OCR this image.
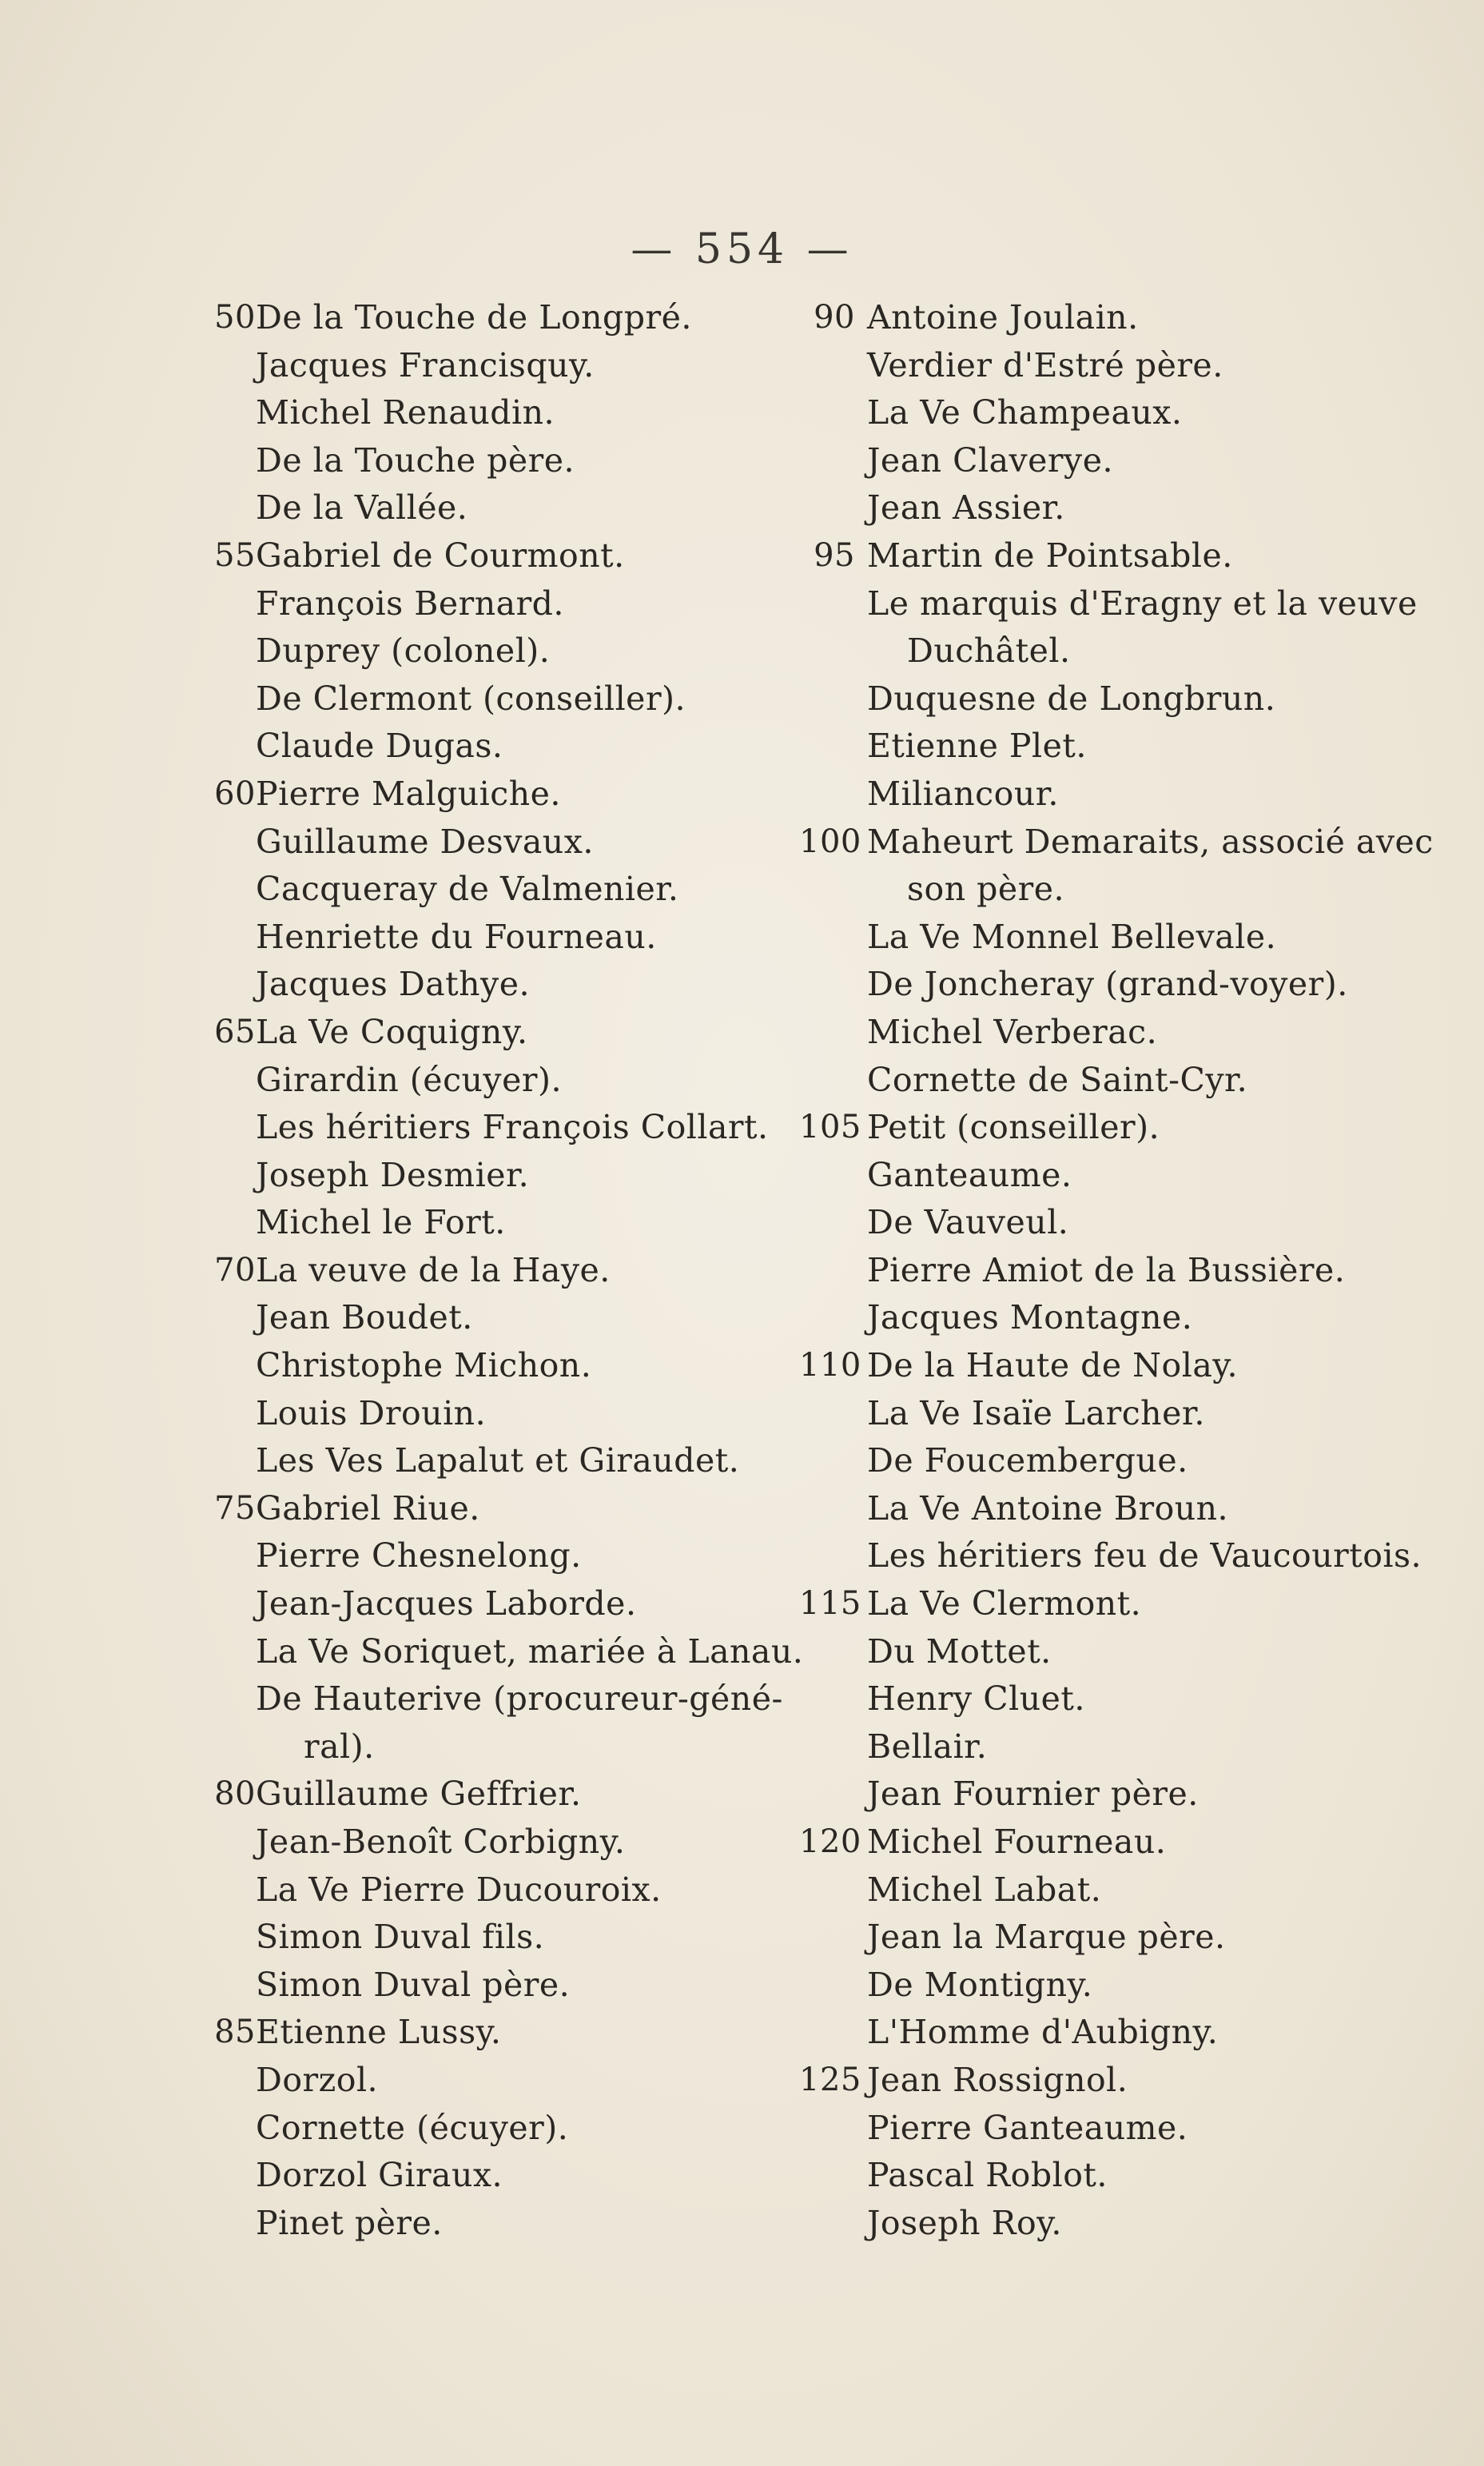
— 554 —
50 De la Touche de Longpré.
Jacques Francisquy.
Michel Renaudin.
De la Touche père.
De la Vallée.
55 Gabriel de Courmont.
François Bernard.
Duprey (colonel).
De Clermont (conseiller).
Claude Dugas.
60 Pierre Malguiche.
Guillaume Desvaux.
Cacqueray de Valmenier.
Henriette du Fourneau.
Jacques Dathye.
65 La Ve Coquigny.
Girardin (écuyer).
Les héritiers François Collart.
Joseph Desmier.
Michel le Fort.
70 La veuve de la Haye.
Jean Boudet.
Christophe Michon.
Louis Drouin.
Les Ves Lapalut et Giraudet.
75 Gabriel Riue.
Pierre Chesnelong.
Jean-Jacques Laborde.
La Ve Soriquet, mariée à Lanau.
De Hauterive (procureur-géné-
ral).
80 Guillaume Geffrier.
Jean-Benoît Corbigny.
La Ve Pierre Ducouroix.
Simon Duval fils.
Simon Duval père.
85 Etienne Lussy.
Dorzol.
Cornette (écuyer).
Dorzol Giraux.
Pinet père.
90 Antoine Joulain.
Verdier d'Estré père.
La Ve Champeaux.
Jean Claverye.
Jean Assier.
95 Martin de Pointsable.
Le marquis d'Eragny et la veuve
Duchâtel.
Duquesne de Longbrun.
Etienne Plet.
Miliancour.
100 Maheurt Demaraits, associé avec
son père.
La Ve Monnel Bellevale.
De Joncheray (grand-voyer).
Michel Verberac.
Cornette de Saint-Cyr.
105 Petit (conseiller).
Ganteaume.
De Vauveul.
Pierre Amiot de la Bussière.
Jacques Montagne.
110 De la Haute de Nolay.
La Ve Isaïe Larcher.
De Foucembergue.
La Ve Antoine Broun.
Les héritiers feu de Vaucourtois.
115 La Ve Clermont.
Du Mottet.
Henry Cluet.
Bellair.
Jean Fournier père.
120 Michel Fourneau.
Michel Labat.
Jean la Marque père.
De Montigny.
L'Homme d'Aubigny.
125 Jean Rossignol.
Pierre Ganteaume.
Pascal Roblot.
Joseph Roy.
